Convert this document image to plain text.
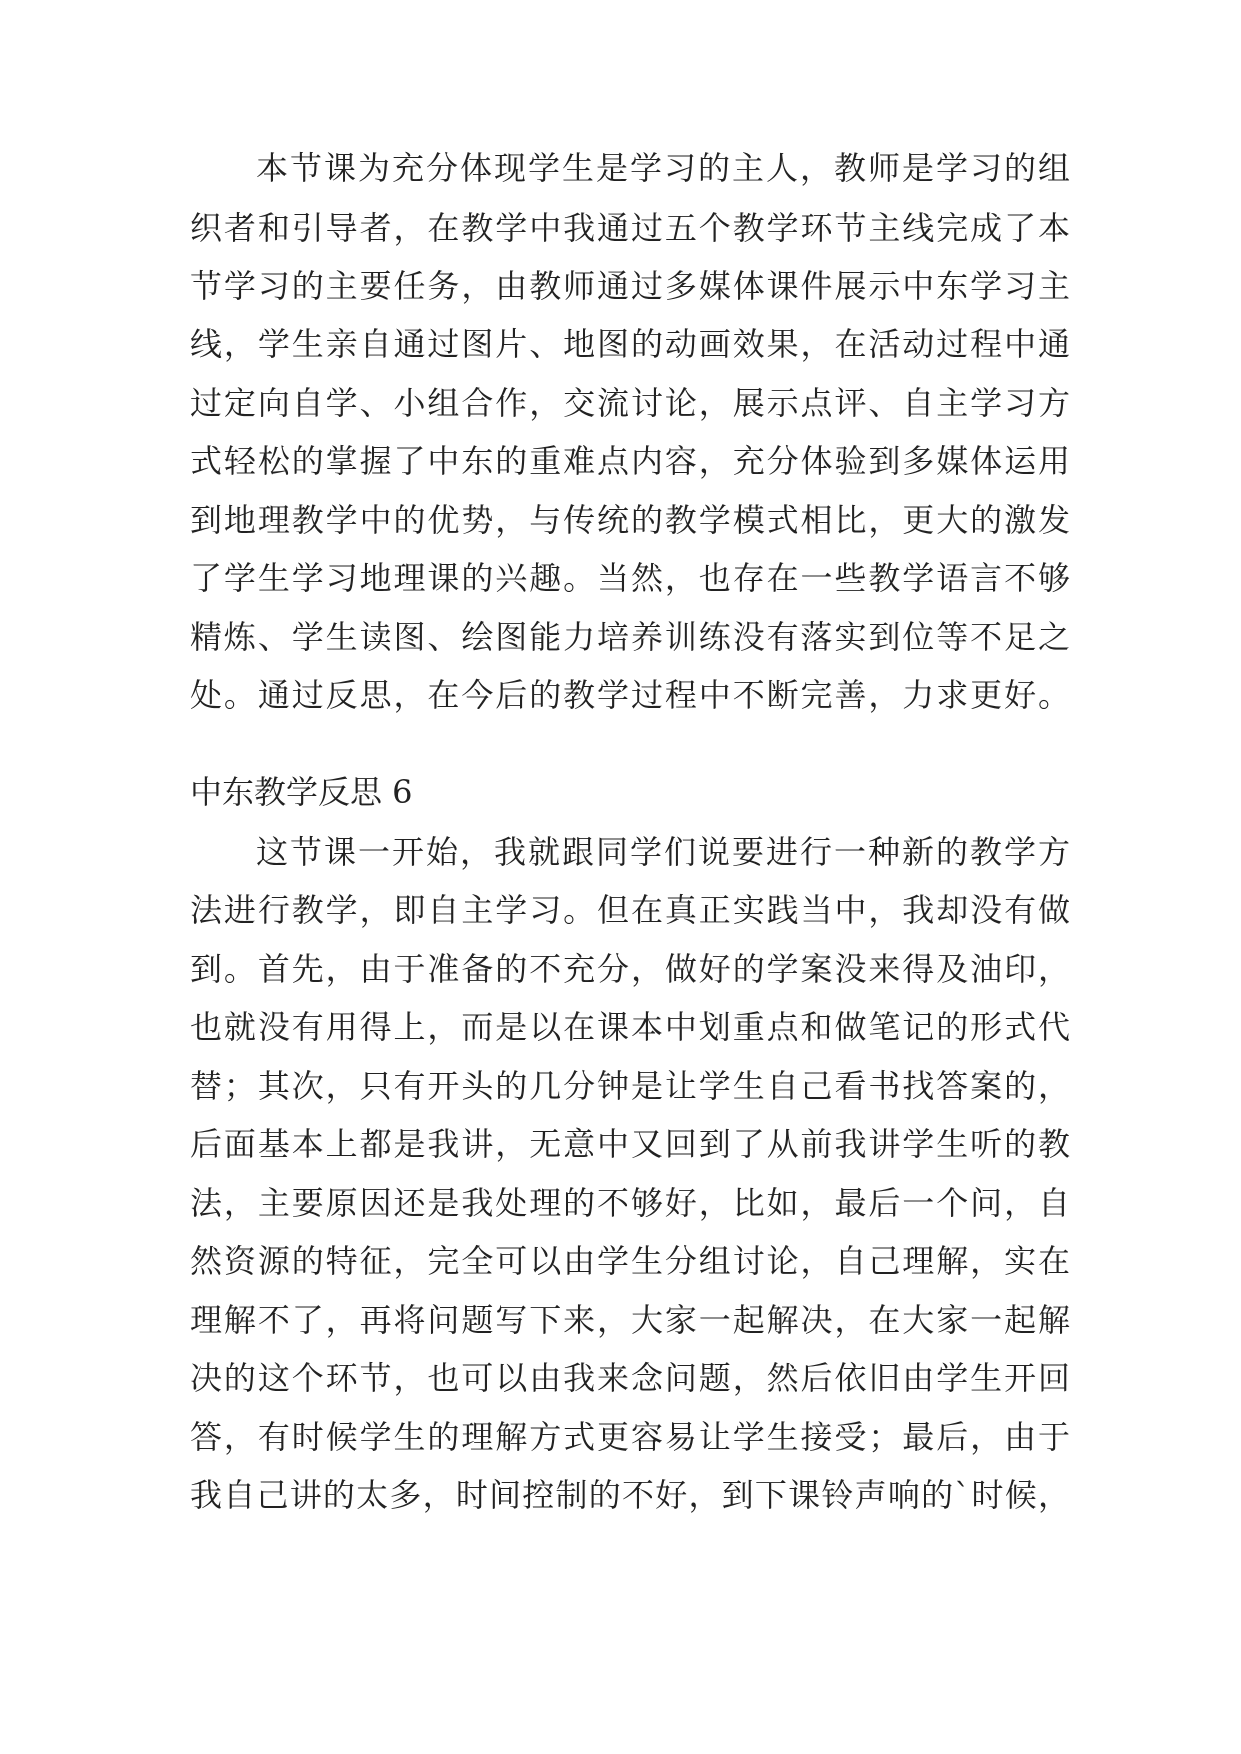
本节课为充分体现学生是学习的主人，教师是学习的组
织者和引导者，在教学中我通过五个教学环节主线完成了本
节学习的主要任务，由教师通过多媒体课件展示中东学习主
线，学生亲自通过图片、地图的动画效果，在活动过程中通
过定向自学、小组合作，交流讨论，展示点评、自主学习方
式轻松的掌握了中东的重难点内容，充分体验到多媒体运用
到地理教学中的优势，与传统的教学模式相比，更大的激发
了学生学习地理课的兴趣。当然，也存在一些教学语言不够
精炼、学生读图、绘图能力培养训练没有落实到位等不足之
处。通过反思，在今后的教学过程中不断完善，力求更好。
中东教学反思 6
这节课一开始，我就跟同学们说要进行一种新的教学方
法进行教学，即自主学习。但在真正实践当中，我却没有做
到。首先，由于准备的不充分，做好的学案没来得及油印，
也就没有用得上，而是以在课本中划重点和做笔记的形式代
替；其次，只有开头的几分钟是让学生自己看书找答案的，
后面基本上都是我讲，无意中又回到了从前我讲学生听的教
法，主要原因还是我处理的不够好，比如，最后一个问，自
然资源的特征，完全可以由学生分组讨论，自己理解，实在
理解不了，再将问题写下来，大家一起解决，在大家一起解
决的这个环节，也可以由我来念问题，然后依旧由学生开回
答，有时候学生的理解方式更容易让学生接受；最后，由于
我自己讲的太多，时间控制的不好，到下课铃声响的`时候，
